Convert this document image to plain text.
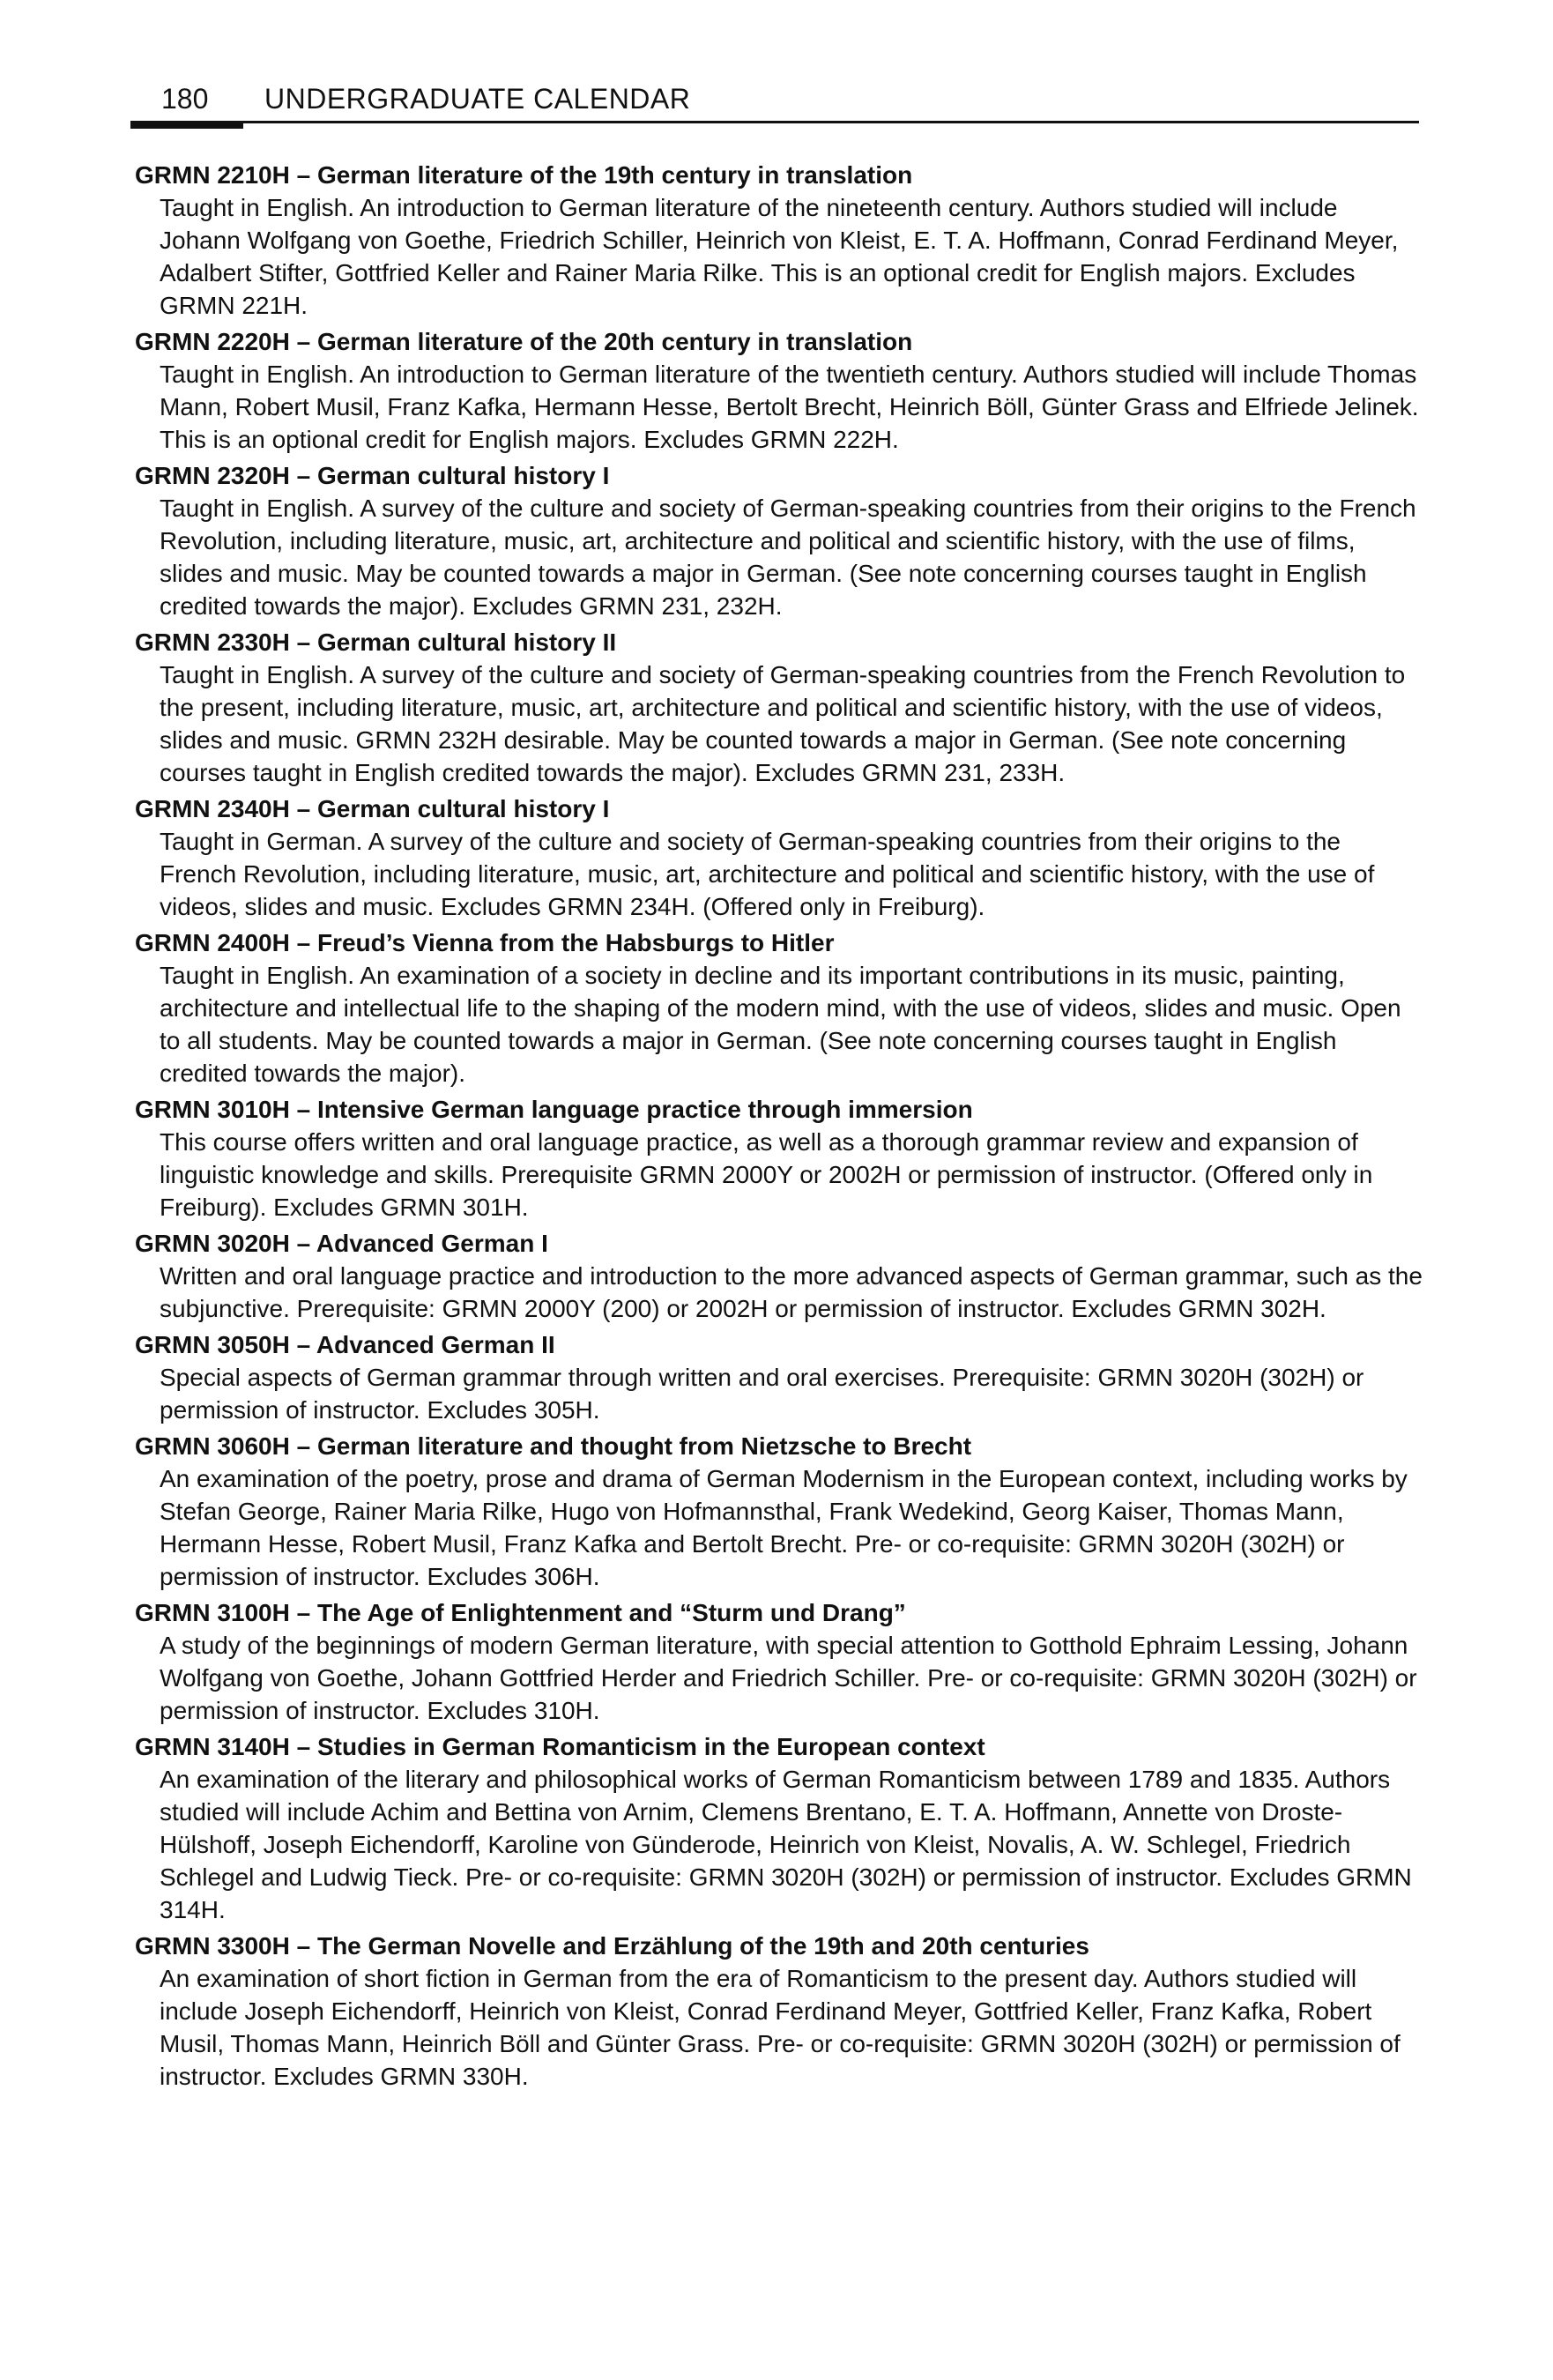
180 UNDERGRADUATE CALENDAR
GRMN 2210H – German literature of the 19th century in translation
Taught in English. An introduction to German literature of the nineteenth century. Authors studied will include Johann Wolfgang von Goethe, Friedrich Schiller, Heinrich von Kleist, E. T. A. Hoffmann, Conrad Ferdinand Meyer, Adalbert Stifter, Gottfried Keller and Rainer Maria Rilke. This is an optional credit for English majors. Excludes GRMN 221H.
GRMN 2220H – German literature of the 20th century in translation
Taught in English. An introduction to German literature of the twentieth century. Authors studied will include Thomas Mann, Robert Musil, Franz Kafka, Hermann Hesse, Bertolt Brecht, Heinrich Böll, Günter Grass and Elfriede Jelinek. This is an optional credit for English majors. Excludes GRMN 222H.
GRMN 2320H – German cultural history I
Taught in English. A survey of the culture and society of German-speaking countries from their origins to the French Revolution, including literature, music, art, architecture and political and scientific history, with the use of films, slides and music. May be counted towards a major in German. (See note concerning courses taught in English credited towards the major). Excludes GRMN 231, 232H.
GRMN 2330H – German cultural history II
Taught in English. A survey of the culture and society of German-speaking countries from the French Revolution to the present, including literature, music, art, architecture and political and scientific history, with the use of videos, slides and music. GRMN 232H desirable. May be counted towards a major in German. (See note concerning courses taught in English credited towards the major). Excludes GRMN 231, 233H.
GRMN 2340H – German cultural history I
Taught in German. A survey of the culture and society of German-speaking countries from their origins to the French Revolution, including literature, music, art, architecture and political and scientific history, with the use of videos, slides and music. Excludes GRMN 234H. (Offered only in Freiburg).
GRMN 2400H – Freud’s Vienna from the Habsburgs to Hitler
Taught in English. An examination of a society in decline and its important contributions in its music, painting, architecture and intellectual life to the shaping of the modern mind, with the use of videos, slides and music. Open to all students. May be counted towards a major in German. (See note concerning courses taught in English credited towards the major).
GRMN 3010H – Intensive German language practice through immersion
This course offers written and oral language practice, as well as a thorough grammar review and expansion of linguistic knowledge and skills. Prerequisite GRMN 2000Y or 2002H or permission of instructor. (Offered only in Freiburg). Excludes GRMN 301H.
GRMN 3020H – Advanced German I
Written and oral language practice and introduction to the more advanced aspects of German grammar, such as the subjunctive. Prerequisite: GRMN 2000Y (200) or 2002H or permission of instructor. Excludes GRMN 302H.
GRMN 3050H – Advanced German II
Special aspects of German grammar through written and oral exercises. Prerequisite: GRMN 3020H (302H) or permission of instructor. Excludes 305H.
GRMN 3060H – German literature and thought from Nietzsche to Brecht
An examination of the poetry, prose and drama of German Modernism in the European context, including works by Stefan George, Rainer Maria Rilke, Hugo von Hofmannsthal, Frank Wedekind, Georg Kaiser, Thomas Mann, Hermann Hesse, Robert Musil, Franz Kafka and Bertolt Brecht. Pre- or co-requisite: GRMN 3020H (302H) or permission of instructor. Excludes 306H.
GRMN 3100H – The Age of Enlightenment and “Sturm und Drang”
A study of the beginnings of modern German literature, with special attention to Gotthold Ephraim Lessing, Johann Wolfgang von Goethe, Johann Gottfried Herder and Friedrich Schiller. Pre- or co-requisite: GRMN 3020H (302H) or permission of instructor. Excludes 310H.
GRMN 3140H – Studies in German Romanticism in the European context
An examination of the literary and philosophical works of German Romanticism between 1789 and 1835. Authors studied will include Achim and Bettina von Arnim, Clemens Brentano, E. T. A. Hoffmann, Annette von Droste-Hülshoff, Joseph Eichendorff, Karoline von Günderode, Heinrich von Kleist, Novalis, A. W. Schlegel, Friedrich Schlegel and Ludwig Tieck. Pre- or co-requisite: GRMN 3020H (302H) or permission of instructor. Excludes GRMN 314H.
GRMN 3300H – The German Novelle and Erzählung of the 19th and 20th centuries
An examination of short fiction in German from the era of Romanticism to the present day. Authors studied will include Joseph Eichendorff, Heinrich von Kleist, Conrad Ferdinand Meyer, Gottfried Keller, Franz Kafka, Robert Musil, Thomas Mann, Heinrich Böll and Günter Grass. Pre- or co-requisite: GRMN 3020H (302H) or permission of instructor. Excludes GRMN 330H.
